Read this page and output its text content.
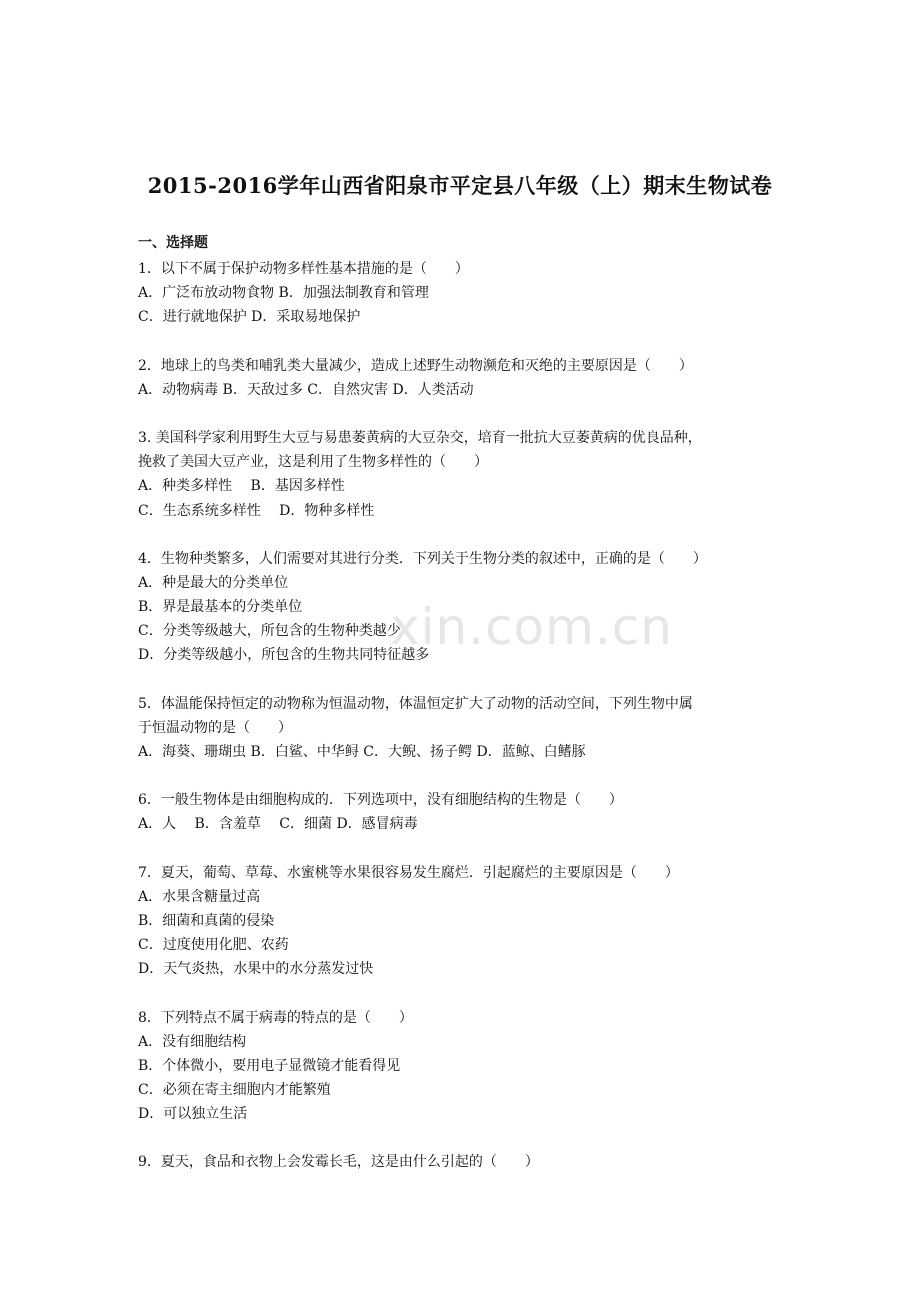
xin.com.cn
2015-2016学年山西省阳泉市平定县八年级（上）期末生物试卷
一、选择题
1．以下不属于保护动物多样性基本措施的是（　　）
A．广泛布放动物食物 B．加强法制教育和管理
C．进行就地保护 D．采取易地保护
2．地球上的鸟类和哺乳类大量减少，造成上述野生动物濒危和灭绝的主要原因是（　　）
A．动物病毒 B．天敌过多 C．自然灾害 D．人类活动
3. 美国科学家利用野生大豆与易患萎黄病的大豆杂交，培育一批抗大豆萎黄病的优良品种，
挽救了美国大豆产业，这是利用了生物多样性的（　　）
A．种类多样性　 B．基因多样性
C．生态系统多样性　 D．物种多样性
4．生物种类繁多，人们需要对其进行分类．下列关于生物分类的叙述中，正确的是（　　）
A．种是最大的分类单位
B．界是最基本的分类单位
C．分类等级越大，所包含的生物种类越少
D．分类等级越小，所包含的生物共同特征越多
5．体温能保持恒定的动物称为恒温动物，体温恒定扩大了动物的活动空间，下列生物中属
于恒温动物的是（　　）
A．海葵、珊瑚虫 B．白鲨、中华鲟 C．大鲵、扬子鳄 D．蓝鲸、白鳍豚
6．一般生物体是由细胞构成的．下列选项中，没有细胞结构的生物是（　　）
A．人　 B．含羞草　 C．细菌 D．感冒病毒
7．夏天，葡萄、草莓、水蜜桃等水果很容易发生腐烂．引起腐烂的主要原因是（　　）
A．水果含糖量过高
B．细菌和真菌的侵染
C．过度使用化肥、农药
D．天气炎热，水果中的水分蒸发过快
8．下列特点不属于病毒的特点的是（　　）
A．没有细胞结构
B．个体微小，要用电子显微镜才能看得见
C．必须在寄主细胞内才能繁殖
D．可以独立生活
9．夏天，食品和衣物上会发霉长毛，这是由什么引起的（　　）
